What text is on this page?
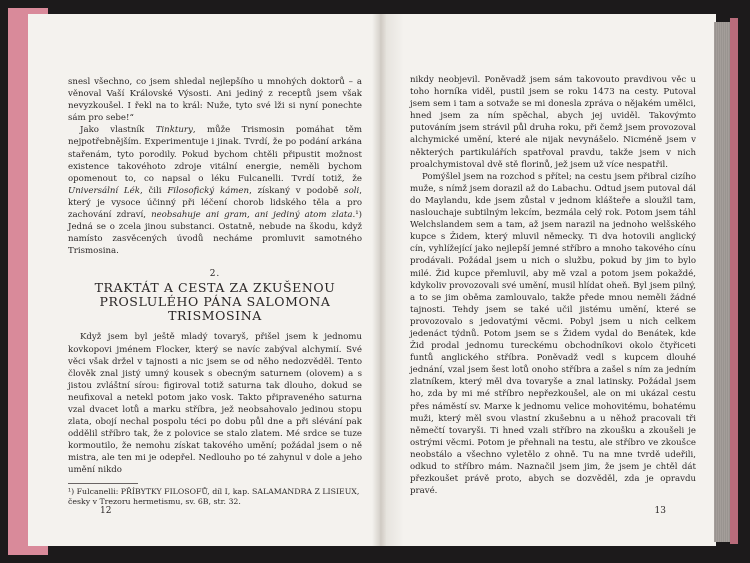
snesl všechno, co jsem shledal nejlepšího u mnohých doktorů – a věnoval Vaší Královské Výsosti. Ani jediný z receptů jsem však nevyzkoušel. I řekl na to král: Nuže, tyto své lži si nyní ponechte sám pro sebe!“

Jako vlastník Tinktury, může Trismosin pomáhat těm nejpotřebnějším. Experimentuje i jinak. Tvrdí, že po podání arkána stařenám, tyto porodily. Pokud bychom chtěli připustit možnost existence takovéhoto zdroje vitální energie, neměli bychom opomenout to, co napsal o léku Fulcanelli. Tvrdí totiž, že Universální Lék, čili Filosofický kámen, získaný v podobě soli, který je vysoce účinný při léčení chorob lidského těla a pro zachování zdraví, neobsahuje ani gram, ani jediný atom zlata.¹) Jedná se o zcela jinou substanci. Ostatně, nebude na škodu, když namísto zasvěcených úvodů necháme promluvit samotného Trismosina.

2.
TRAKTÁT A CESTA ZA ZKUŠENOU
PROSLULÉHO PÁNA SALOMONA
TRISMOSINA

Když jsem byl ještě mladý tovaryš, přišel jsem k jednomu kovkopovi jménem Flocker, který se navíc zabýval alchymií. Své věci však držel v tajnosti a nic jsem se od něho nedozvěděl. Tento člověk znal jistý umný kousek s obecným saturnem (olovem) a s jistou zvláštní sírou: figiroval totiž saturna tak dlouho, dokud se neufixoval a netekl potom jako vosk. Takto připraveného saturna vzal dvacet lotů a marku stříbra, jež neobsahovalo jedinou stopu zlata, obojí nechal pospolu téci po dobu půl dne a při slévání pak oddělil stříbro tak, že z polovice se stalo zlatem. Mé srdce se tuze kormoutilo, že nemohu získat takového umění; požádal jsem o ně mistra, ale ten mi je odepřel. Nedlouho po té zahynul v dole a jeho umění nikdo

¹) Fulcanelli: PŘÍBYTKY FILOSOFŮ, díl I, kap. SALAMANDRA Z LISIEUX, česky v Trezoru hermetismu, sv. 6B, str. 32.

12

nikdy neobjevil. Poněvadž jsem sám takovouto pravdivou věc u toho horníka viděl, pustil jsem se roku 1473 na cesty. Putoval jsem sem i tam a sotvaže se mi donesla zpráva o nějakém umělci, hned jsem za ním spěchal, abych jej uviděl. Takovýmto putováním jsem strávil půl druha roku, při čemž jsem provozoval alchymické umění, které ale nijak nevynášelo. Nicméně jsem v některých partikulářích spatřoval pravdu, takže jsem v nich proalchymistoval dvě stě florinů, jež jsem už více nespatřil.

Pomýšlel jsem na rozchod s přítel; na cestu jsem přibral cizího muže, s nímž jsem dorazil až do Labachu. Odtud jsem putoval dál do Maylandu, kde jsem zůstal v jednom klášteře a sloužil tam, naslouchaje subtilným lekcím, bezmála celý rok. Potom jsem táhl Welchslandem sem a tam, až jsem narazil na jednoho welšského kupce s Židem, který mluvil německy. Ti dva hotovili anglický cín, vyhlížející jako nejlepší jemné stříbro a mnoho takového cínu prodávali. Požádal jsem u nich o službu, pokud by jim to bylo milé. Žid kupce přemluvil, aby mě vzal a potom jsem pokaždé, kdykoliv provozovali své umění, musil hlídat oheň. Byl jsem pilný, a to se jim oběma zamlouvalo, takže přede mnou neměli žádné tajnosti. Tehdy jsem se také učil jistému umění, které se provozovalo s jedovatými věcmi. Pobyl jsem u nich celkem jedenáct týdnů. Potom jsem se s Židem vydal do Benátek, kde Žid prodal jednomu tureckému obchodníkovi okolo čtyřiceti funtů anglického stříbra. Poněvadž vedl s kupcem dlouhé jednání, vzal jsem šest lotů onoho stříbra a zašel s ním za jedním zlatníkem, který měl dva tovaryše a znal latinsky. Požádal jsem ho, zda by mi mé stříbro nepřezkoušel, ale on mi ukázal cestu přes náměstí sv. Marxe k jednomu velice mohovitému, bohatému muži, který měl svou vlastní zkušebnu a u něhož pracovali tři němečtí tovaryši. Ti hned vzali stříbro na zkoušku a zkoušeli je ostrými věcmi. Potom je přehnali na testu, ale stříbro ve zkoušce neobstálo a všechno vyletělo z ohně. Tu na mne tvrdě udeřili, odkud to stříbro mám. Naznačil jsem jim, že jsem je chtěl dát přezkoušet právě proto, abych se dozvěděl, zda je opravdu pravé.

13
